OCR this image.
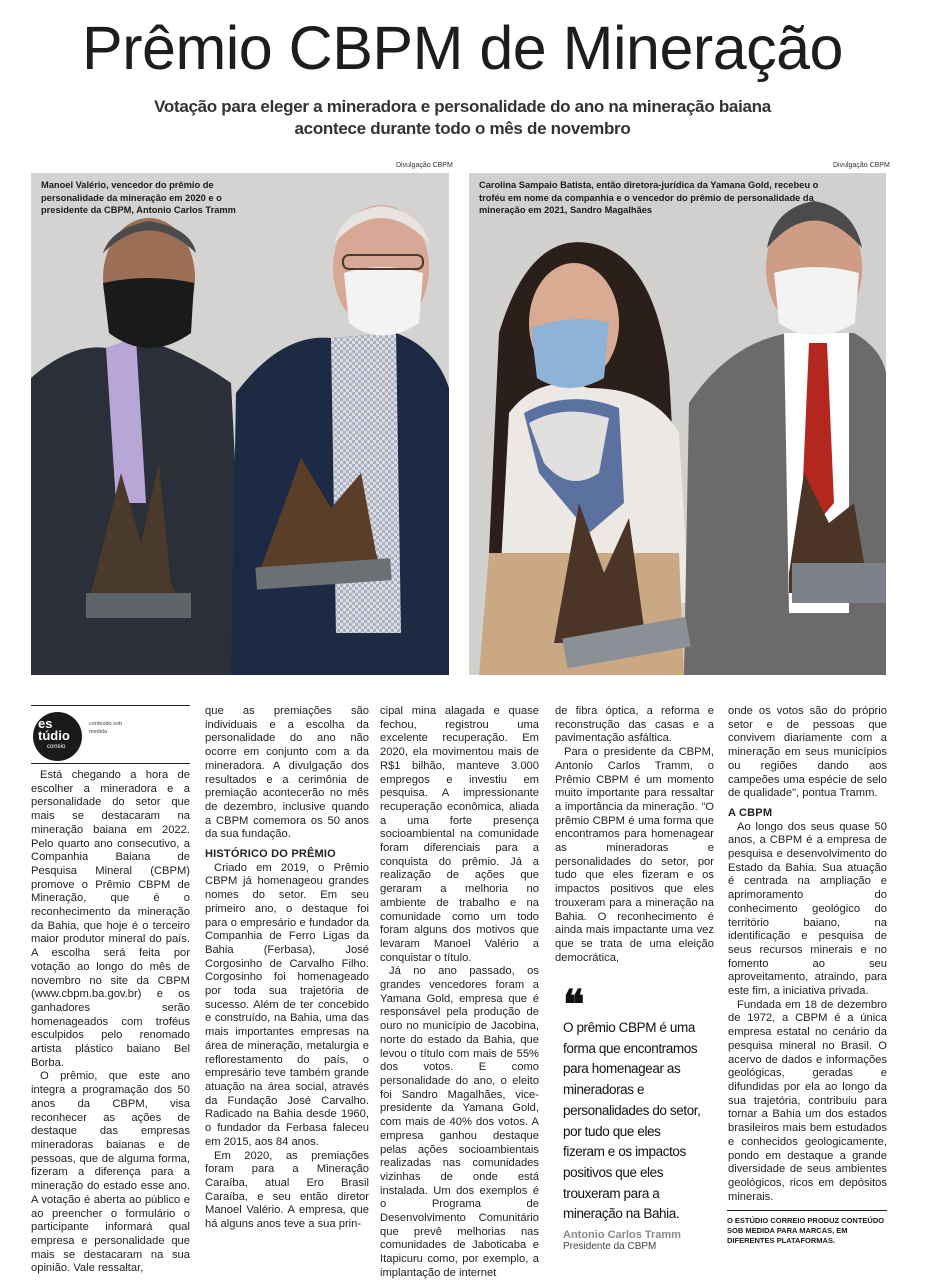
Prêmio CBPM de Mineração
Votação para eleger a mineradora e personalidade do ano na mineração baiana acontece durante todo o mês de novembro
Divulgação CBPM
Manoel Valério, vencedor do prêmio de personalidade da mineração em 2020 e o presidente da CBPM, Antonio Carlos Tramm
Divulgação CBPM
Carolina Sampaio Batista, então diretora-jurídica da Yamana Gold, recebeu o troféu em nome da companhia e o vencedor do prêmio de personalidade da mineração em 2021, Sandro Magalhães
es
túdio
correio
conteúdo sob medida

Está chegando a hora de escolher a mineradora e a personalidade do setor que mais se destacaram na mineração baiana em 2022. Pelo quarto ano consecutivo, a Companhia Baiana de Pesquisa Mineral (CBPM) promove o Prêmio CBPM de Mineração, que é o reconhecimento da mineração da Bahia, que hoje é o terceiro maior produtor mineral do país. A escolha será feita por votação ao longo do mês de novembro no site da CBPM (www.cbpm.ba.gov.br) e os ganhadores serão homenageados com troféus esculpidos pelo renomado artista plástico baiano Bel Borba.

O prêmio, que este ano integra a programação dos 50 anos da CBPM, visa reconhecer as ações de destaque das empresas mineradoras baianas e de pessoas, que de alguma forma, fizeram a diferença para a mineração do estado esse ano. A votação é aberta ao público e ao preencher o formulário o participante informará qual empresa e personalidade que mais se destacaram na sua opinião. Vale ressaltar,

que as premiações são individuais e a escolha da personalidade do ano não ocorre em conjunto com a da mineradora. A divulgação dos resultados e a cerimônia de premiação acontecerão no mês de dezembro, inclusive quando a CBPM comemora os 50 anos da sua fundação.

HISTÓRICO DO PRÊMIO

Criado em 2019, o Prêmio CBPM já homenageou grandes nomes do setor. Em seu primeiro ano, o destaque foi para o empresário e fundador da Companhia de Ferro Ligas da Bahia (Ferbasa), José Corgosinho de Carvalho Filho. Corgosinho foi homenageado por toda sua trajetória de sucesso. Além de ter concebido e construído, na Bahia, uma das mais importantes empresas na área de mineração, metalurgia e reflorestamento do país, o empresário teve também grande atuação na área social, através da Fundação José Carvalho. Radicado na Bahia desde 1960, o fundador da Ferbasa faleceu em 2015, aos 84 anos.

Em 2020, as premiações foram para a Mineração Caraíba, atual Ero Brasil Caraíba, e seu então diretor Manoel Valério. A empresa, que há alguns anos teve a sua prin-

cipal mina alagada e quase fechou, registrou uma excelente recuperação. Em 2020, ela movimentou mais de R$1 bilhão, manteve 3.000 empregos e investiu em pesquisa. A impressionante recuperação econômica, aliada a uma forte presença socioambiental na comunidade foram diferenciais para a conquista do prêmio. Já a realização de ações que geraram a melhoria no ambiente de trabalho e na comunidade como um todo foram alguns dos motivos que levaram Manoel Valério a conquistar o título.

Já no ano passado, os grandes vencedores foram a Yamana Gold, empresa que é responsável pela produção de ouro no município de Jacobina, norte do estado da Bahia, que levou o título com mais de 55% dos votos. E como personalidade do ano, o eleito foi Sandro Magalhães, vice-presidente da Yamana Gold, com mais de 40% dos votos. A empresa ganhou destaque pelas ações socioambientais realizadas nas comunidades vizinhas de onde está instalada. Um dos exemplos é o Programa de Desenvolvimento Comunitário que prevê melhorias nas comunidades de Jaboticaba e Itapicuru como, por exemplo, a implantação de internet

de fibra óptica, a reforma e reconstrução das casas e a pavimentação asfáltica.

Para o presidente da CBPM, Antonio Carlos Tramm, o Prêmio CBPM é um momento muito importante para ressaltar a importância da mineração. "O prêmio CBPM é uma forma que encontramos para homenagear as mineradoras e personalidades do setor, por tudo que eles fizeram e os impactos positivos que eles trouxeram para a mineração na Bahia. O reconhecimento é ainda mais impactante uma vez que se trata de uma eleição democrática,

❝
O prêmio CBPM é uma forma que encontramos para homenagear as mineradoras e personalidades do setor, por tudo que eles fizeram e os impactos positivos que eles trouxeram para a mineração na Bahia.
Antonio Carlos Tramm
Presidente da CBPM

onde os votos são do próprio setor e de pessoas que convivem diariamente com a mineração em seus municípios ou regiões dando aos campeões uma espécie de selo de qualidade", pontua Tramm.

A CBPM

Ao longo dos seus quase 50 anos, a CBPM é a empresa de pesquisa e desenvolvimento do Estado da Bahia. Sua atuação é centrada na ampliação e aprimoramento do conhecimento geológico do território baiano, na identificação e pesquisa de seus recursos minerais e no fomento ao seu aproveitamento, atraindo, para este fim, a iniciativa privada.

Fundada em 18 de dezembro de 1972, a CBPM é a única empresa estatal no cenário da pesquisa mineral no Brasil. O acervo de dados e informações geológicas, geradas e difundidas por ela ao longo da sua trajetória, contribuiu para tornar a Bahia um dos estados brasileiros mais bem estudados e conhecidos geologicamente, pondo em destaque a grande diversidade de seus ambientes geológicos, ricos em depósitos minerais.

O ESTÚDIO CORREIO PRODUZ CONTEÚDO SOB MEDIDA PARA MARCAS, EM DIFERENTES PLATAFORMAS.
